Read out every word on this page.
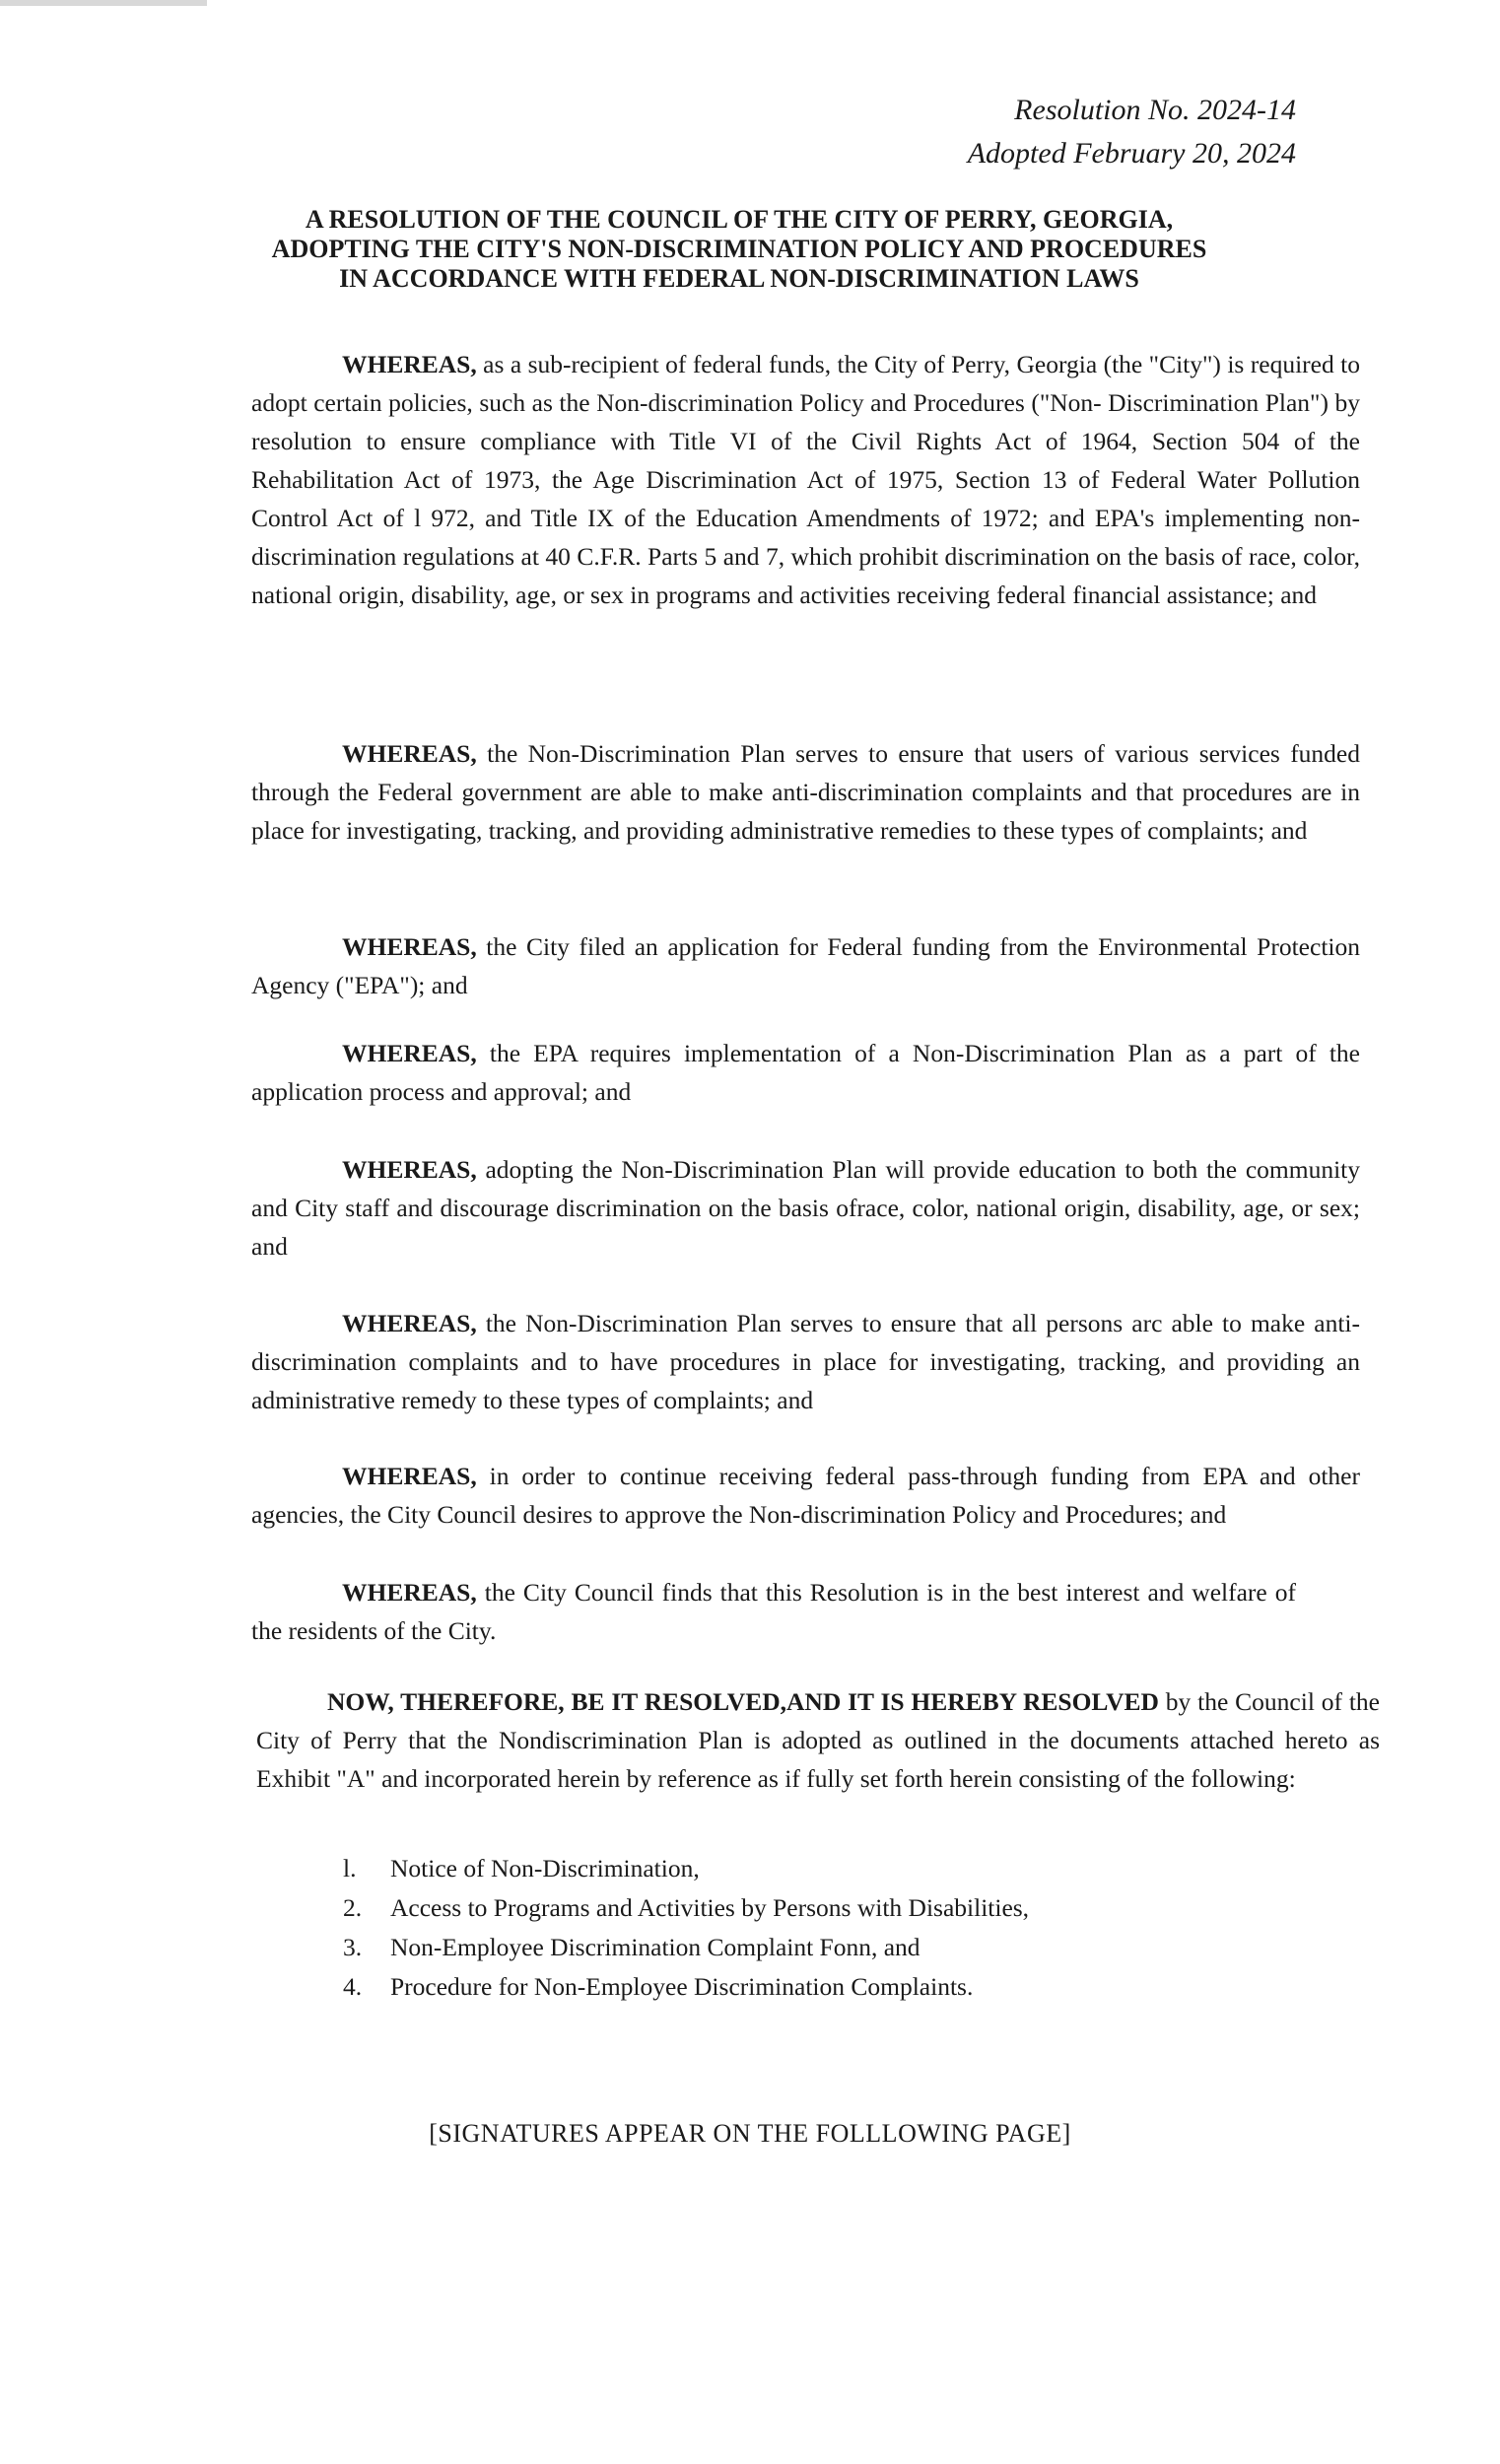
Resolution No. 2024-14
Adopted February 20, 2024
A RESOLUTION OF THE COUNCIL OF THE CITY OF PERRY, GEORGIA,
ADOPTING THE CITY'S NON-DISCRIMINATION POLICY AND PROCEDURES
IN ACCORDANCE WITH FEDERAL NON-DISCRIMINATION LAWS

WHEREAS, as a sub-recipient of federal funds, the City of Perry, Georgia (the "City") is required to adopt certain policies, such as the Non-discrimination Policy and Procedures ("Non- Discrimination Plan") by resolution to ensure compliance with Title VI of the Civil Rights Act of 1964, Section 504 of the Rehabilitation Act of 1973, the Age Discrimination Act of 1975, Section 13 of Federal Water Pollution Control Act of l 972, and Title IX of the Education Amendments of 1972; and EPA's implementing non-discrimination regulations at 40 C.F.R. Parts 5 and 7, which prohibit discrimination on the basis of race, color, national origin, disability, age, or sex in programs and activities receiving federal financial assistance; and

WHEREAS, the Non-Discrimination Plan serves to ensure that users of various services funded through the Federal government are able to make anti-discrimination complaints and that procedures are in place for investigating, tracking, and providing administrative remedies to these types of complaints; and

WHEREAS, the City filed an application for Federal funding from the Environmental Protection Agency ("EPA"); and

WHEREAS, the EPA requires implementation of a Non-Discrimination Plan as a part of the application process and approval; and

WHEREAS, adopting the Non-Discrimination Plan will provide education to both the community and City staff and discourage discrimination on the basis ofrace, color, national origin, disability, age, or sex; and

WHEREAS, the Non-Discrimination Plan serves to ensure that all persons arc able to make anti-discrimination complaints and to have procedures in place for investigating, tracking, and providing an administrative remedy to these types of complaints; and

WHEREAS, in order to continue receiving federal pass-through funding from EPA and other agencies, the City Council desires to approve the Non-discrimination Policy and Procedures; and

WHEREAS, the City Council finds that this Resolution is in the best interest and welfare of the residents of the City.

NOW, THEREFORE, BE IT RESOLVED,AND IT IS HEREBY RESOLVED by the Council of the City of Perry that the Nondiscrimination Plan is adopted as outlined in the documents attached hereto as Exhibit "A" and incorporated herein by reference as if fully set forth herein consisting of the following:

l. Notice of Non-Discrimination,
2. Access to Programs and Activities by Persons with Disabilities,
3. Non-Employee Discrimination Complaint Fonn, and
4. Procedure for Non-Employee Discrimination Complaints.
[SIGNATURES APPEAR ON THE FOLLLOWING PAGE]
